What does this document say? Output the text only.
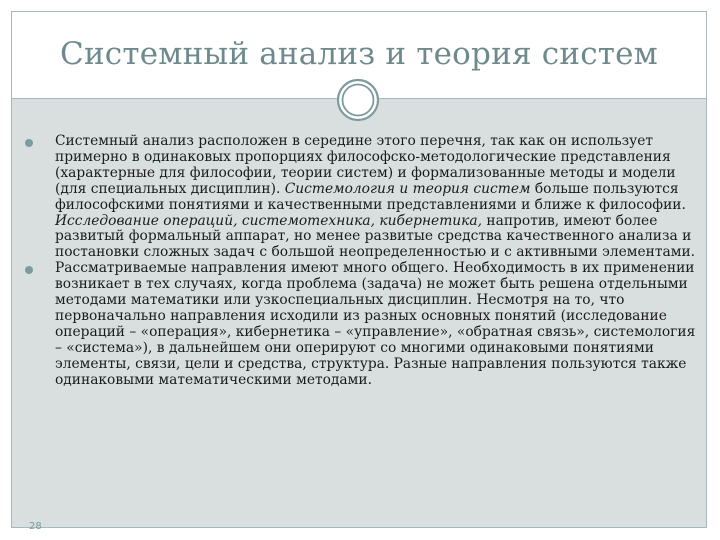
Системный анализ и теория систем
Системный анализ расположен в середине этого перечня, так как он использует примерно в одинаковых пропорциях философско-методологические представления (характерные для философии, теории систем) и формализованные методы и модели (для специальных дисциплин). Системология и теория систем больше пользуются философскими понятиями и качественными представлениями и ближе к философии. Исследование операций, системотехника, кибернетика, напротив, имеют более развитый формальный аппарат, но менее развитые средства качественного анализа и постановки сложных задач с большой неопределенностью и с активными элементами.
Рассматриваемые направления имеют много общего. Необходимость в их применении возникает в тех случаях, когда проблема (задача) не может быть решена отдельными методами математики или узкоспециальных дисциплин. Несмотря на то, что первоначально направления исходили из разных основных понятий (исследование операций – «операция», кибернетика – «управление», «обратная связь», системология – «система»), в дальнейшем они оперируют со многими одинаковыми понятиями элементы, связи, цели и средства, структура. Разные направления пользуются также одинаковыми математическими методами.
28
